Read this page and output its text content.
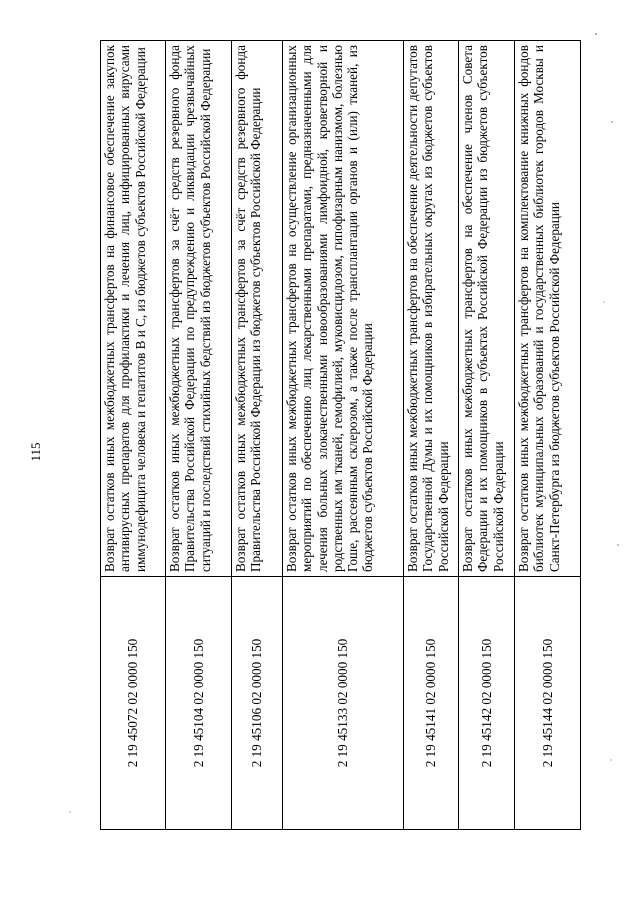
115
2 19 45072 02 0000 150	Возврат остатков иных межбюджетных трансфертов на финансовое обеспечение закупок антивирусных препаратов для профилактики и лечения лиц, инфицированных вирусами иммунодефицита человека и гепатитов В и С, из бюджетов субъектов Российской Федерации
2 19 45104 02 0000 150	Возврат остатков иных межбюджетных трансфертов за счёт средств резервного фонда Правительства Российской Федерации по предупреждению и ликвидации чрезвычайных ситуаций и последствий стихийных бедствий из бюджетов субъектов Российской Федерации
2 19 45106 02 0000 150	Возврат остатков иных межбюджетных трансфертов за счёт средств резервного фонда Правительства Российской Федерации из бюджетов субъектов Российской Федерации
2 19 45133 02 0000 150	Возврат остатков иных межбюджетных трансфертов на осуществление организационных мероприятий по обеспечению лиц лекарственными препаратами, предназначенными для лечения больных злокачественными новообразованиями лимфоидной, кроветворной и родственных им тканей, гемофилией, муковисцидозом, гипофизарным нанизмом, болезнью Гоше, рассеянным склерозом, а также после трансплантации органов и (или) тканей, из бюджетов субъектов Российской Федерации
2 19 45141 02 0000 150	Возврат остатков иных межбюджетных трансфертов на обеспечение деятельности депутатов Государственной Думы и их помощников в избирательных округах из бюджетов субъектов Российской Федерации
2 19 45142 02 0000 150	Возврат остатков иных межбюджетных трансфертов на обеспечение членов Совета Федерации и их помощников в субъектах Российской Федерации из бюджетов субъектов Российской Федерации
2 19 45144 02 0000 150	Возврат остатков иных межбюджетных трансфертов на комплектование книжных фондов библиотек муниципальных образований и государственных библиотек городов Москвы и Санкт-Петербурга из бюджетов субъектов Российской Федерации
